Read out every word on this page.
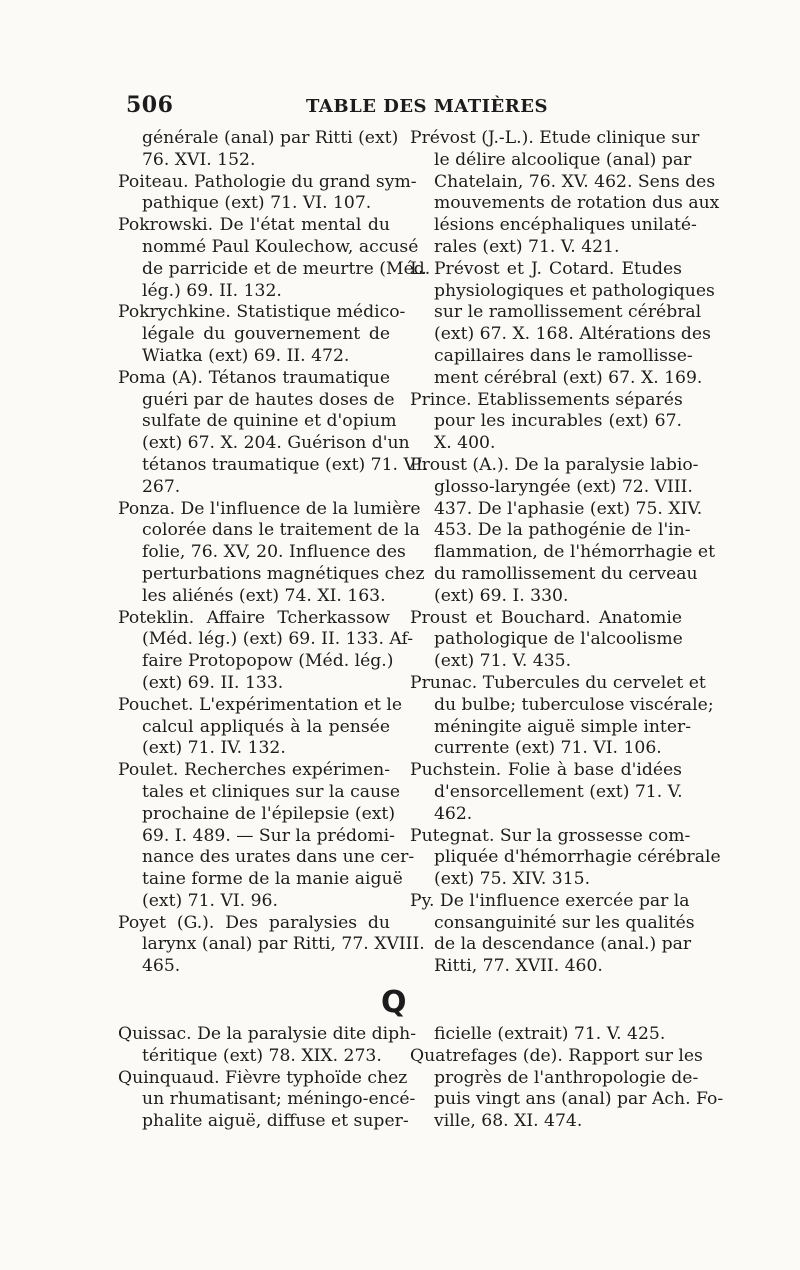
506	TABLE DES MATIÈRES
générale (anal) par Ritti (ext)
76. XVI. 152.
Poiteau. Pathologie du grand sym-
pathique (ext) 71. VI. 107.
Pokrowski. De l'état mental du
nommé Paul Koulechow, accusé
de parricide et de meurtre (Méd.
lég.) 69. II. 132.
Pokrychkine. Statistique médico-
légale du gouvernement de
Wiatka (ext) 69. II. 472.
Poma (A). Tétanos traumatique
guéri par de hautes doses de
sulfate de quinine et d'opium
(ext) 67. X. 204. Guérison d'un
tétanos traumatique (ext) 71. VI.
267.
Ponza. De l'influence de la lumière
colorée dans le traitement de la
folie, 76. XV, 20. Influence des
perturbations magnétiques chez
les aliénés (ext) 74. XI. 163.
Poteklin. Affaire Tcherkassow
(Méd. lég.) (ext) 69. II. 133. Af-
faire Protopopow (Méd. lég.)
(ext) 69. II. 133.
Pouchet. L'expérimentation et le
calcul appliqués à la pensée
(ext) 71. IV. 132.
Poulet. Recherches expérimen-
tales et cliniques sur la cause
prochaine de l'épilepsie (ext)
69. I. 489. — Sur la prédomi-
nance des urates dans une cer-
taine forme de la manie aiguë
(ext) 71. VI. 96.
Poyet (G.). Des paralysies du
larynx (anal) par Ritti, 77. XVIII.
465.
Prévost (J.-L.). Etude clinique sur
le délire alcoolique (anal) par
Chatelain, 76. XV. 462. Sens des
mouvements de rotation dus aux
lésions encéphaliques unilaté-
rales (ext) 71. V. 421.
L. Prévost et J. Cotard. Etudes
physiologiques et pathologiques
sur le ramollissement cérébral
(ext) 67. X. 168. Altérations des
capillaires dans le ramollisse-
ment cérébral (ext) 67. X. 169.
Prince. Etablissements séparés
pour les incurables (ext) 67.
X. 400.
Proust (A.). De la paralysie labio-
glosso-laryngée (ext) 72. VIII.
437. De l'aphasie (ext) 75. XIV.
453. De la pathogénie de l'in-
flammation, de l'hémorrhagie et
du ramollissement du cerveau
(ext) 69. I. 330.
Proust et Bouchard. Anatomie
pathologique de l'alcoolisme
(ext) 71. V. 435.
Prunac. Tubercules du cervelet et
du bulbe; tuberculose viscérale;
méningite aiguë simple inter-
currente (ext) 71. VI. 106.
Puchstein. Folie à base d'idées
d'ensorcellement (ext) 71. V.
462.
Putegnat. Sur la grossesse com-
pliquée d'hémorrhagie cérébrale
(ext) 75. XIV. 315.
Py. De l'influence exercée par la
consanguinité sur les qualités
de la descendance (anal.) par
Ritti, 77. XVII. 460.
Q
Quissac. De la paralysie dite diph-
téritique (ext) 78. XIX. 273.
Quinquaud. Fièvre typhoïde chez
un rhumatisant; méningo-encé-
phalite aiguë, diffuse et super-
ficielle (extrait) 71. V. 425.
Quatrefages (de). Rapport sur les
progrès de l'anthropologie de-
puis vingt ans (anal) par Ach. Fo-
ville, 68. XI. 474.
